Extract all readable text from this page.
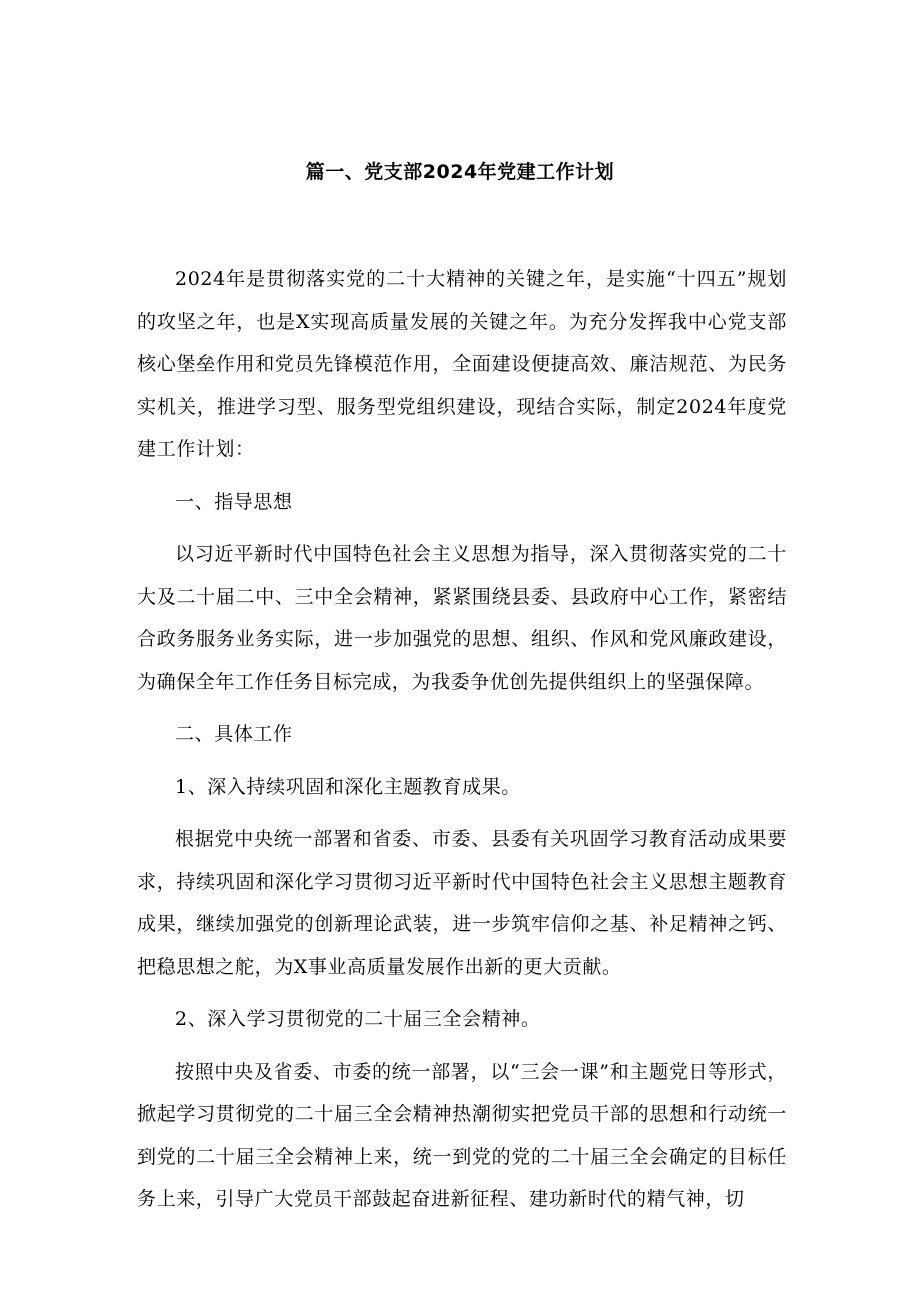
篇一、党支部2024年党建工作计划

2024年是贯彻落实党的二十大精神的关键之年，是实施“十四五”规划的攻坚之年，也是X实现高质量发展的关键之年。为充分发挥我中心党支部核心堡垒作用和党员先锋模范作用，全面建设便捷高效、廉洁规范、为民务实机关，推进学习型、服务型党组织建设，现结合实际，制定2024年度党建工作计划：

一、指导思想

以习近平新时代中国特色社会主义思想为指导，深入贯彻落实党的二十大及二十届二中、三中全会精神，紧紧围绕县委、县政府中心工作，紧密结合政务服务业务实际，进一步加强党的思想、组织、作风和党风廉政建设，为确保全年工作任务目标完成，为我委争优创先提供组织上的坚强保障。

二、具体工作

1、深入持续巩固和深化主题教育成果。

根据党中央统一部署和省委、市委、县委有关巩固学习教育活动成果要求，持续巩固和深化学习贯彻习近平新时代中国特色社会主义思想主题教育成果，继续加强党的创新理论武装，进一步筑牢信仰之基、补足精神之钙、把稳思想之舵，为X事业高质量发展作出新的更大贡献。

2、深入学习贯彻党的二十届三全会精神。

按照中央及省委、市委的统一部署，以“三会一课”和主题党日等形式，掀起学习贯彻党的二十届三全会精神热潮彻实把党员干部的思想和行动统一到党的二十届三全会精神上来，统一到党的党的二十届三全会确定的目标任务上来，引导广大党员干部鼓起奋进新征程、建功新时代的精气神，切
